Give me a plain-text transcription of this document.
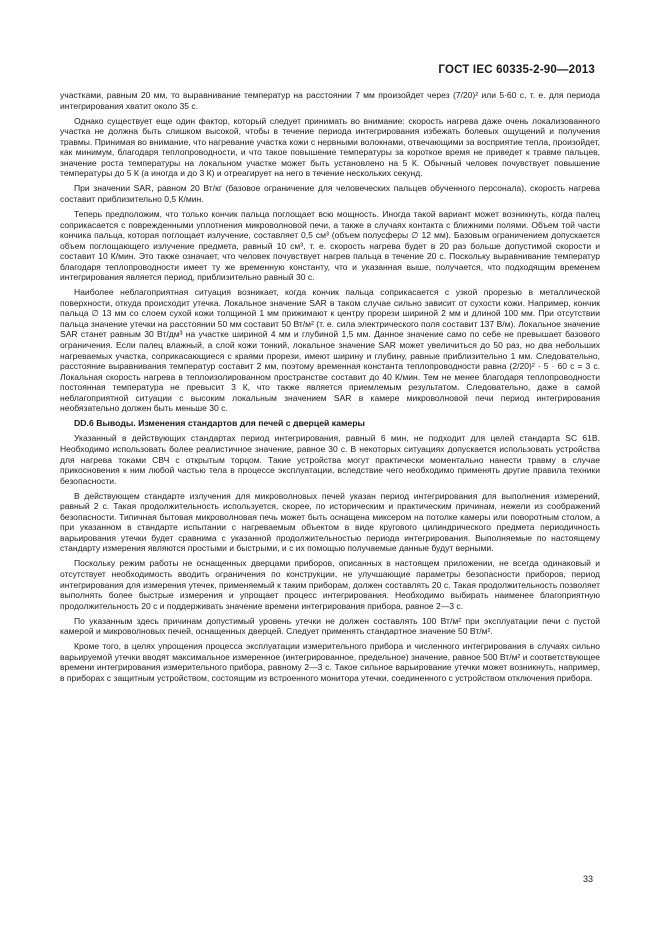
ГОСТ IEC 60335-2-90—2013

участками, равным 20 мм, то выравнивание температур на расстоянии 7 мм произойдет через (7/20)² или 5·60 с, т. е. для периода интегрирования хватит около 35 с.

Однако существует еще один фактор, который следует принимать во внимание: скорость нагрева даже очень локализованного участка не должна быть слишком высокой, чтобы в течение периода интегрирования избежать болевых ощущений и получения травмы. Принимая во внимание, что нагревание участка кожи с нервными волокнами, отвечающими за восприятие тепла, произойдет, как минимум, благодаря теплопроводности, и что такое повышение температуры за короткое время не приведет к травме пальцев, значение роста температуры на локальном участке может быть установлено на 5 К. Обычный человек почувствует повышение температуры до 5 К (а иногда и до 3 К) и отреагирует на него в течение нескольких секунд.

При значении SAR, равном 20 Вт/кг (базовое ограничение для человеческих пальцев обученного персонала), скорость нагрева составит приблизительно 0,5 К/мин.

Теперь предположим, что только кончик пальца поглощает всю мощность. Иногда такой вариант может возникнуть, когда палец соприкасается с поврежденными уплотнения микроволновой печи, а также в случаях контакта с ближними полями. Объем той части кончика пальца, которая поглощает излучение, составляет 0,5 см³ (объем полусферы ∅ 12 мм). Базовым ограничением допускается объем поглощающего излучение предмета, равный 10 см³, т. е. скорость нагрева будет в 20 раз больше допустимой скорости и составит 10 К/мин. Это также означает, что человек почувствует нагрев пальца в течение 20 с. Поскольку выравнивание температур благодаря теплопроводности имеет ту же временную константу, что и указанная выше, получается, что подходящим временем интегрирования является период, приблизительно равный 30 с.

Наиболее неблагоприятная ситуация возникает, когда кончик пальца соприкасается с узкой прорезью в металлической поверхности, откуда происходит утечка. Локальное значение SAR в таком случае сильно зависит от сухости кожи. Например, кончик пальца ∅ 13 мм со слоем сухой кожи толщиной 1 мм прижимают к центру прорези шириной 2 мм и длиной 100 мм. При отсутствии пальца значение утечки на расстоянии 50 мм составит 50 Вт/м² (т. е. сила электрического поля составит 137 В/м). Локальное значение SAR станет равным 30 Вт/дм³ на участке шириной 4 мм и глубиной 1,5 мм. Данное значение само по себе не превышает базового ограничения. Если палец влажный, а слой кожи тонкий, локальное значение SAR может увеличиться до 50 раз, но два небольших нагреваемых участка, соприкасающиеся с краями прорези, имеют ширину и глубину, равные приблизительно 1 мм. Следовательно, расстояние выравнивания температур составит 2 мм, поэтому временная константа теплопроводности равна (2/20)² · 5 · 60 с = 3 с. Локальная скорость нагрева в теплоизолированном пространстве составит до 40 К/мин. Тем не менее благодаря теплопроводности постоянная температура не превысит 3 К, что также является приемлемым результатом. Следовательно, даже в самой неблагоприятной ситуации с высоким локальным значением SAR в камере микроволновой печи период интегрирования необязательно должен быть меньше 30 с.

DD.6 Выводы. Изменения стандартов для печей с дверцей камеры

Указанный в действующих стандартах период интегрирования, равный 6 мин, не подходит для целей стандарта SC 61B. Необходимо использовать более реалистичное значение, равное 30 с. В некоторых ситуациях допускается использовать устройства для нагрева токами СВЧ с открытым торцом. Такие устройства могут практически моментально нанести травму в случае прикосновения к ним любой частью тела в процессе эксплуатации, вследствие чего необходимо применять другие правила техники безопасности.

В действующем стандарте излучения для микроволновых печей указан период интегрирования для выполнения измерений, равный 2 с. Такая продолжительность используется, скорее, по историческим и практическим причинам, нежели из соображений безопасности. Типичная бытовая микроволновая печь может быть оснащена миксером на потолке камеры или поворотным столом, а при указанном в стандарте испытании с нагреваемым объектом в виде кругового цилиндрического предмета периодичность варьирования утечки будет сравнима с указанной продолжительностью периода интегрирования. Выполняемые по настоящему стандарту измерения являются простыми и быстрыми, и с их помощью получаемые данные будут верными.

Поскольку режим работы не оснащенных дверцами приборов, описанных в настоящем приложении, не всегда одинаковый и отсутствует необходимость вводить ограничения по конструкции, не улучшающие параметры безопасности приборов, период интегрирования для измерения утечек, применяемый к таким приборам, должен составлять 20 с. Такая продолжительность позволяет выполнять более быстрые измерения и упрощает процесс интегрирования. Необходимо выбирать наименее благоприятную продолжительность 20 с и поддерживать значение времени интегрирования прибора, равное 2—3 с.

По указанным здесь причинам допустимый уровень утечки не должен составлять 100 Вт/м² при эксплуатации печи с пустой камерой и микроволновых печей, оснащенных дверцей. Следует применять стандартное значение 50 Вт/м².

Кроме того, в целях упрощения процесса эксплуатации измерительного прибора и численного интегрирования в случаях сильно варьируемой утечки вводят максимальное измеренное (интегрированное, предельное) значение, равное 500 Вт/м² и соответствующее времени интегрирования измерительного прибора, равному 2—3 с. Такое сильное варьирование утечки может возникнуть, например, в приборах с защитным устройством, состоящим из встроенного монитора утечки, соединенного с устройством отключения прибора.

33
